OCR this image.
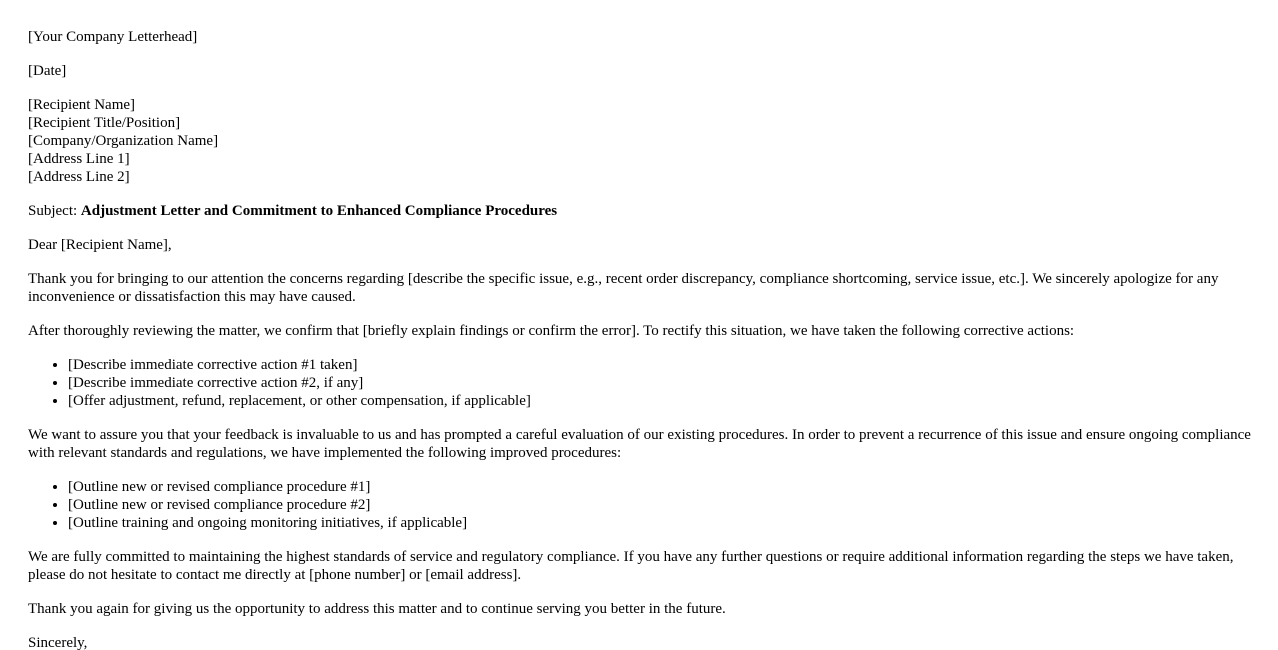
[Your Company Letterhead]

[Date]

[Recipient Name]
[Recipient Title/Position]
[Company/Organization Name]
[Address Line 1]
[Address Line 2]

Subject: Adjustment Letter and Commitment to Enhanced Compliance Procedures

Dear [Recipient Name],

Thank you for bringing to our attention the concerns regarding [describe the specific issue, e.g., recent order discrepancy, compliance shortcoming, service issue, etc.]. We sincerely apologize for any inconvenience or dissatisfaction this may have caused.

After thoroughly reviewing the matter, we confirm that [briefly explain findings or confirm the error]. To rectify this situation, we have taken the following corrective actions:

• [Describe immediate corrective action #1 taken]
• [Describe immediate corrective action #2, if any]
• [Offer adjustment, refund, replacement, or other compensation, if applicable]

We want to assure you that your feedback is invaluable to us and has prompted a careful evaluation of our existing procedures. In order to prevent a recurrence of this issue and ensure ongoing compliance with relevant standards and regulations, we have implemented the following improved procedures:

• [Outline new or revised compliance procedure #1]
• [Outline new or revised compliance procedure #2]
• [Outline training and ongoing monitoring initiatives, if applicable]

We are fully committed to maintaining the highest standards of service and regulatory compliance. If you have any further questions or require additional information regarding the steps we have taken, please do not hesitate to contact me directly at [phone number] or [email address].

Thank you again for giving us the opportunity to address this matter and to continue serving you better in the future.

Sincerely,
